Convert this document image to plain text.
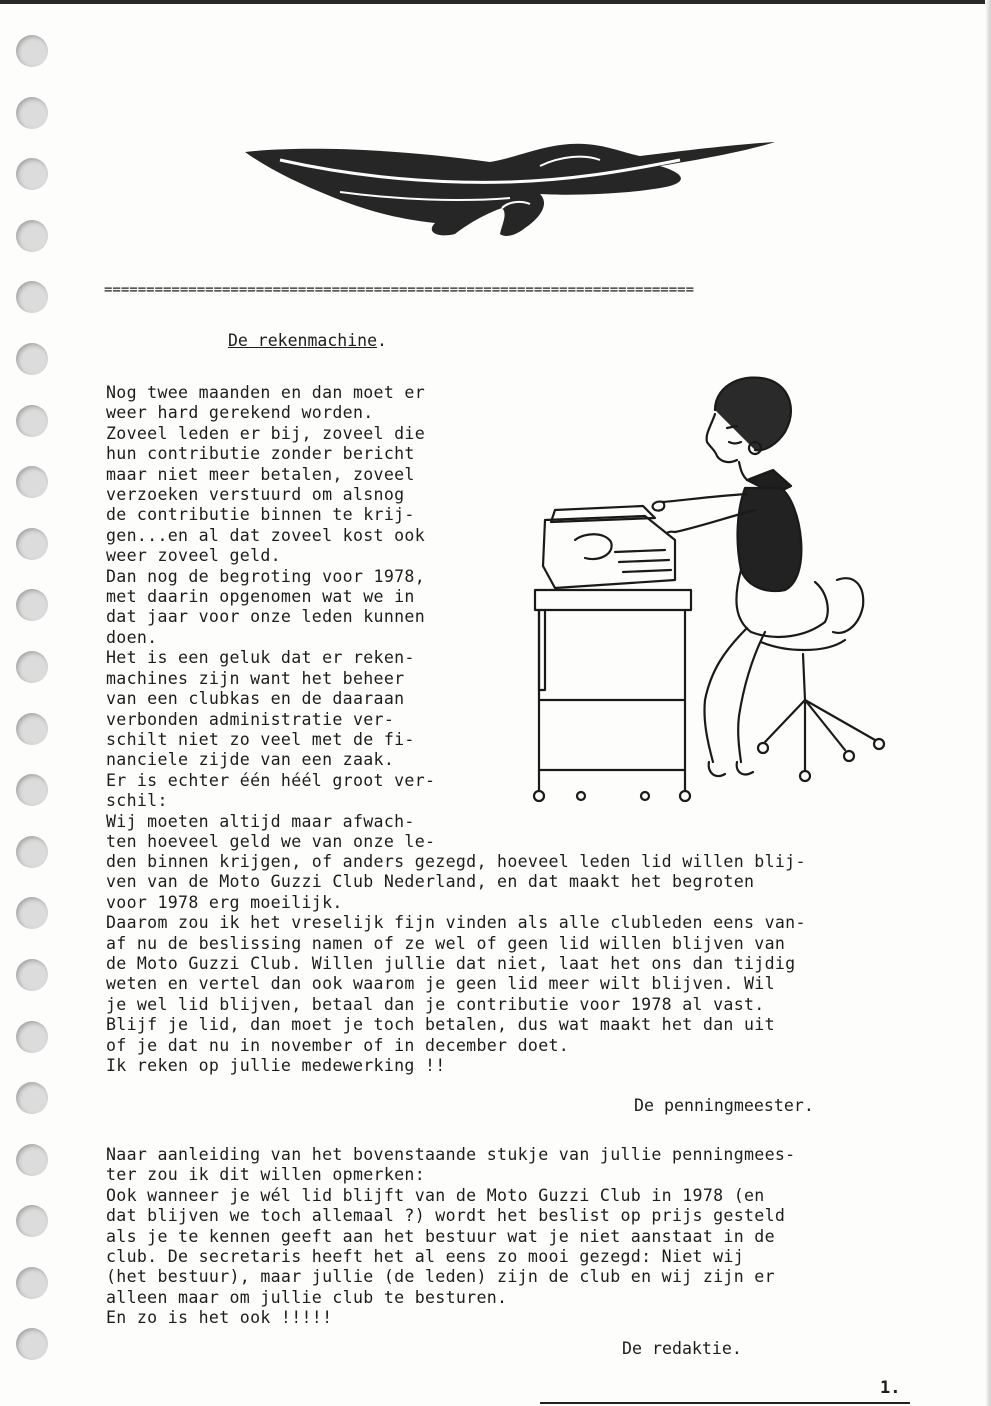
======================================================================
De rekenmachine.
Nog twee maanden en dan moet er
weer hard gerekend worden.
Zoveel leden er bij, zoveel die
hun contributie zonder bericht
maar niet meer betalen, zoveel
verzoeken verstuurd om alsnog
de contributie binnen te krij-
gen...en al dat zoveel kost ook
weer zoveel geld.
Dan nog de begroting voor 1978,
met daarin opgenomen wat we in
dat jaar voor onze leden kunnen
doen.
Het is een geluk dat er reken-
machines zijn want het beheer
van een clubkas en de daaraan
verbonden administratie ver-
schilt niet zo veel met de fi-
nanciele zijde van een zaak.
Er is echter één héél groot ver-
schil:
Wij moeten altijd maar afwach-
ten hoeveel geld we van onze le-
den binnen krijgen, of anders gezegd, hoeveel leden lid willen blij-
ven van de Moto Guzzi Club Nederland, en dat maakt het begroten
voor 1978 erg moeilijk.
Daarom zou ik het vreselijk fijn vinden als alle clubleden eens van-
af nu de beslissing namen of ze wel of geen lid willen blijven van
de Moto Guzzi Club. Willen jullie dat niet, laat het ons dan tijdig
weten en vertel dan ook waarom je geen lid meer wilt blijven. Wil
je wel lid blijven, betaal dan je contributie voor 1978 al vast.
Blijf je lid, dan moet je toch betalen, dus wat maakt het dan uit
of je dat nu in november of in december doet.
Ik reken op jullie medewerking !!
De penningmeester.
Naar aanleiding van het bovenstaande stukje van jullie penningmees-
ter zou ik dit willen opmerken:
Ook wanneer je wél lid blijft van de Moto Guzzi Club in 1978 (en
dat blijven we toch allemaal ?) wordt het beslist op prijs gesteld
als je te kennen geeft aan het bestuur wat je niet aanstaat in de
club. De secretaris heeft het al eens zo mooi gezegd: Niet wij
(het bestuur), maar jullie (de leden) zijn de club en wij zijn er
alleen maar om jullie club te besturen.
En zo is het ook !!!!!
De redaktie.
1.
